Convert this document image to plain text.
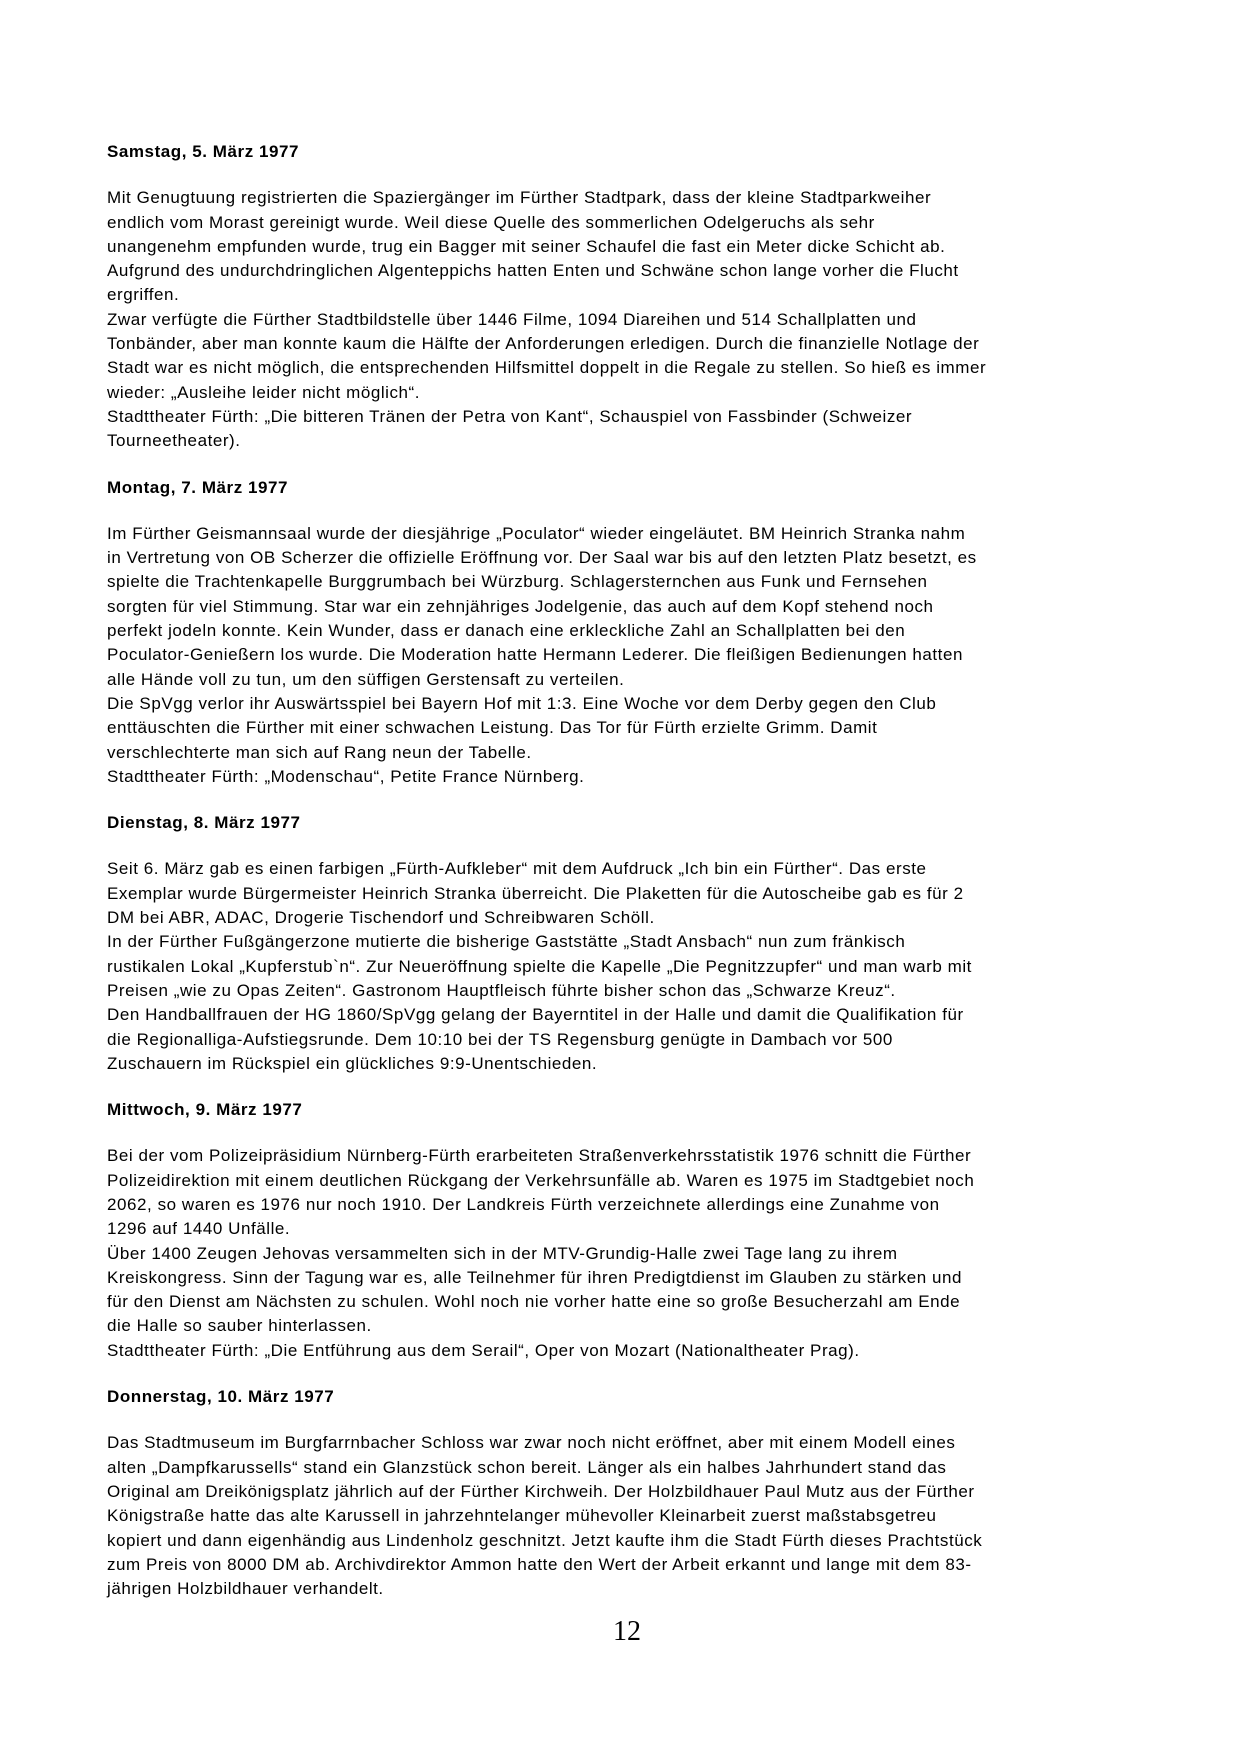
Samstag, 5. März 1977
Mit Genugtuung registrierten die Spaziergänger im Fürther Stadtpark, dass der kleine Stadtparkweiher
endlich vom Morast gereinigt wurde. Weil diese Quelle des sommerlichen Odelgeruchs als sehr
unangenehm empfunden wurde, trug ein Bagger mit seiner Schaufel die fast ein Meter dicke Schicht ab.
Aufgrund des undurchdringlichen Algenteppichs hatten Enten und Schwäne schon lange vorher die Flucht
ergriffen.
Zwar verfügte die Fürther Stadtbildstelle über 1446 Filme, 1094 Diareihen und 514 Schallplatten und
Tonbänder, aber man konnte kaum die Hälfte der Anforderungen erledigen. Durch die finanzielle Notlage der
Stadt war es nicht möglich, die entsprechenden Hilfsmittel doppelt in die Regale zu stellen. So hieß es immer
wieder: „Ausleihe leider nicht möglich“.
Stadttheater Fürth: „Die bitteren Tränen der Petra von Kant“, Schauspiel von Fassbinder (Schweizer
Tourneetheater).
Montag, 7. März 1977
Im Fürther Geismannsaal wurde der diesjährige „Poculator“ wieder eingeläutet. BM Heinrich Stranka nahm
in Vertretung von OB Scherzer die offizielle Eröffnung vor. Der Saal war bis auf den letzten Platz besetzt, es
spielte die Trachtenkapelle Burggrumbach bei Würzburg. Schlagersternchen aus Funk und Fernsehen
sorgten für viel Stimmung. Star war ein zehnjähriges Jodelgenie, das auch auf dem Kopf stehend noch
perfekt jodeln konnte. Kein Wunder, dass er danach eine erkleckliche Zahl an Schallplatten bei den
Poculator-Genießern los wurde. Die Moderation hatte Hermann Lederer. Die fleißigen Bedienungen hatten
alle Hände voll zu tun, um den süffigen Gerstensaft zu verteilen.
Die SpVgg verlor ihr Auswärtsspiel bei Bayern Hof mit 1:3. Eine Woche vor dem Derby gegen den Club
enttäuschten die Fürther mit einer schwachen Leistung. Das Tor für Fürth erzielte Grimm. Damit
verschlechterte man sich auf Rang neun der Tabelle.
Stadttheater Fürth: „Modenschau“, Petite France Nürnberg.
Dienstag, 8. März 1977
Seit 6. März gab es einen farbigen „Fürth-Aufkleber“ mit dem Aufdruck „Ich bin ein Fürther“. Das erste
Exemplar wurde Bürgermeister Heinrich Stranka überreicht. Die Plaketten für die Autoscheibe gab es für 2
DM bei ABR, ADAC, Drogerie Tischendorf und Schreibwaren Schöll.
In der Fürther Fußgängerzone mutierte die bisherige Gaststätte „Stadt Ansbach“ nun zum fränkisch
rustikalen Lokal „Kupferstub`n“. Zur Neueröffnung spielte die Kapelle „Die Pegnitzzupfer“ und man warb mit
Preisen „wie zu Opas Zeiten“. Gastronom Hauptfleisch führte bisher schon das „Schwarze Kreuz“.
Den Handballfrauen der HG 1860/SpVgg gelang der Bayerntitel in der Halle und damit die Qualifikation für
die Regionalliga-Aufstiegsrunde. Dem 10:10 bei der TS Regensburg genügte in Dambach vor 500
Zuschauern im Rückspiel ein glückliches 9:9-Unentschieden.
Mittwoch, 9. März 1977
Bei der vom Polizeipräsidium Nürnberg-Fürth erarbeiteten Straßenverkehrsstatistik 1976 schnitt die Fürther
Polizeidirektion mit einem deutlichen Rückgang der Verkehrsunfälle ab. Waren es 1975 im Stadtgebiet noch
2062, so waren es 1976 nur noch 1910. Der Landkreis Fürth verzeichnete allerdings eine Zunahme von
1296 auf 1440 Unfälle.
Über 1400 Zeugen Jehovas versammelten sich in der MTV-Grundig-Halle zwei Tage lang zu ihrem
Kreiskongress. Sinn der Tagung war es, alle Teilnehmer für ihren Predigtdienst im Glauben zu stärken und
für den Dienst am Nächsten zu schulen. Wohl noch nie vorher hatte eine so große Besucherzahl am Ende
die Halle so sauber hinterlassen.
Stadttheater Fürth: „Die Entführung aus dem Serail“, Oper von Mozart (Nationaltheater Prag).
Donnerstag, 10. März 1977
Das Stadtmuseum im Burgfarrnbacher Schloss war zwar noch nicht eröffnet, aber mit einem Modell eines
alten „Dampfkarussells“ stand ein Glanzstück schon bereit. Länger als ein halbes Jahrhundert stand das
Original am Dreikönigsplatz jährlich auf der Fürther Kirchweih. Der Holzbildhauer Paul Mutz aus der Fürther
Königstraße hatte das alte Karussell in jahrzehntelanger mühevoller Kleinarbeit zuerst maßstabsgetreu
kopiert und dann eigenhändig aus Lindenholz geschnitzt. Jetzt kaufte ihm die Stadt Fürth dieses Prachtstück
zum Preis von 8000 DM ab. Archivdirektor Ammon hatte den Wert der Arbeit erkannt und lange mit dem 83-
jährigen Holzbildhauer verhandelt.
12
